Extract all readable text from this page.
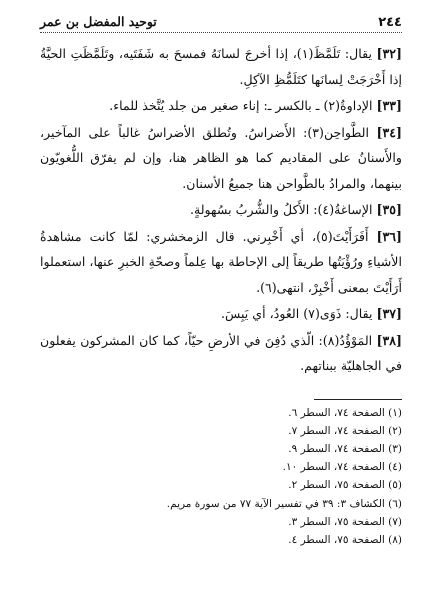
٢٤٤
توحيد المفضل بن عمر

[٣٢] يقال: تَلَمَّظَ(١)، إذا أخرجَ لسانَهُ فمسحَ به شَفَتَيه، وتَلَمَّظَتِ الحيَّةُ إذا أَخْرَجَتْ لِسانَها كتَلَمُّظِ الآكِلِ.

[٣٣] الإداوةُ(٢) ـ بالكسر ـ: إناء صغير من جلد يُتَّخذ للماء.

[٣٤] الطَّواحِن(٣): الأَضراسُ. وتُطلق الأضراسُ غالباً على المآخير، والأَسنانُ على المقاديم كما هو الظاهر هنا، وإن لم يفرّق اللُّغويّون بينهما، والمرادُ بالطَّواحن هنا جميعُ الأسنان.

[٣٥] الإساغةُ(٤): الأَكلُ والشُّربُ بسُهولةٍ.

[٣٦] أَفَرَأَيْتَ(٥)، أي أَخْبِرني. قال الزمخشري: لمّا كانت مشاهدةُ الأشياءِ ورُؤْيَتُها طريقاً إلى الإحاطة بها عِلماً وصحّةِ الخبرِ عنها، استعملوا أَرَأَيْتَ بمعنى أَخْبِرْ، انتهى(٦).

[٣٧] يقال: ذَوَى(٧) العُودُ، أي يَبِسَ.

[٣٨] المَوْؤُدُ(٨): الّذي دُفِنَ في الأرضِ حيّاً، كما كان المشركون يفعلون في الجاهليّة ببناتهم.

(١) الصفحة ٧٤، السطر ٦.
(٢) الصفحة ٧٤، السطر ٧.
(٣) الصفحة ٧٤، السطر ٩.
(٤) الصفحة ٧٤، السطر ١٠.
(٥) الصفحة ٧٥، السطر ٢.
(٦) الكشاف ٣: ٣٩ في تفسير الآية ٧٧ من سورة مريم.
(٧) الصفحة ٧٥، السطر ٣.
(٨) الصفحة ٧٥، السطر ٤.
